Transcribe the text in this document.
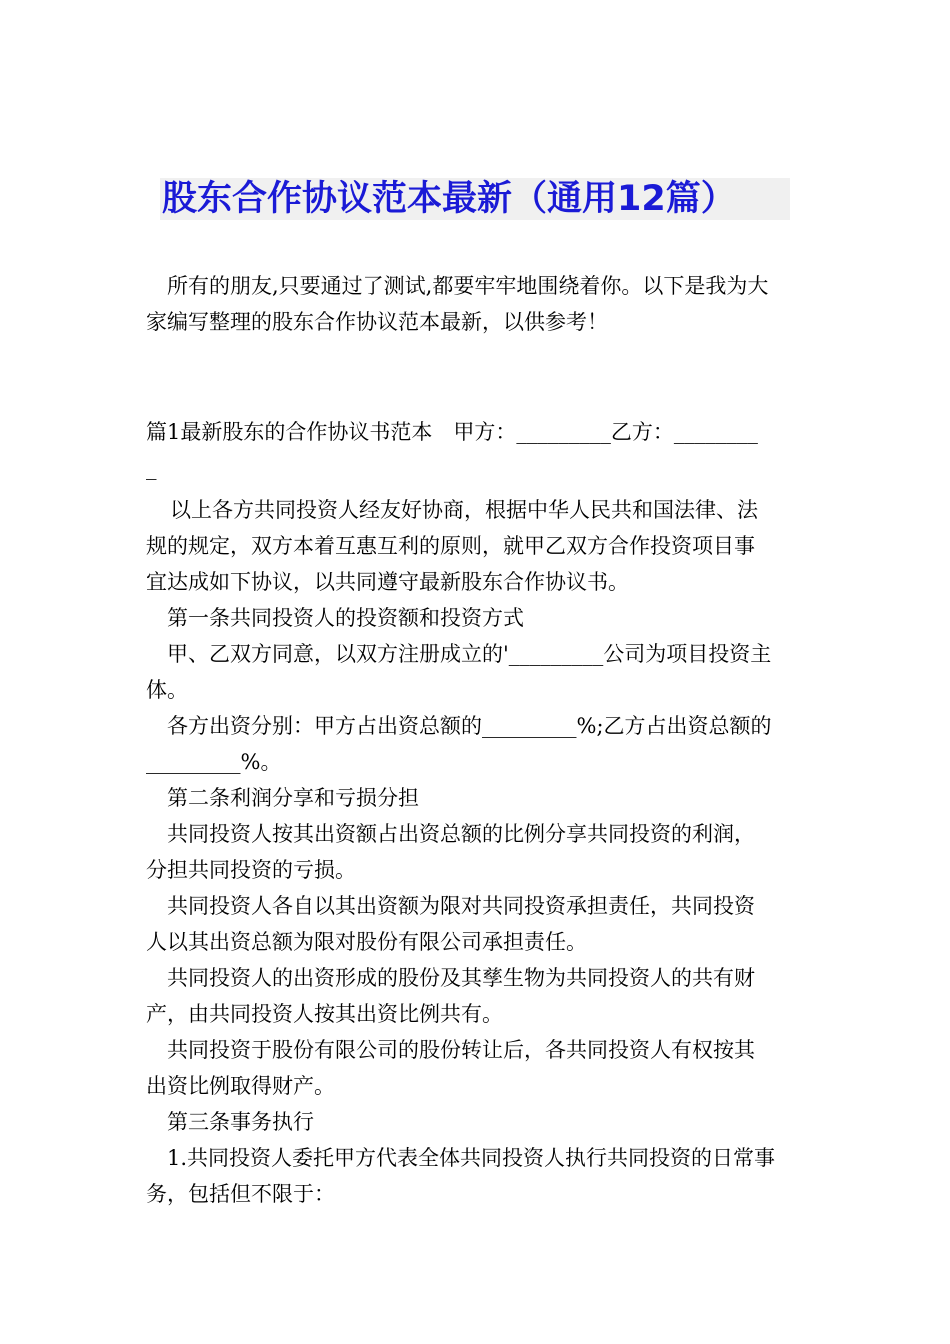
股东合作协议范本最新（通用12篇）

所有的朋友,只要通过了测试,都要牢牢地围绕着你。以下是我为大

家编写整理的股东合作协议范本最新，以供参考！

篇1最新股东的合作协议书范本　甲方：_________乙方：________

_

以上各方共同投资人经友好协商，根据中华人民共和国法律、法

规的规定，双方本着互惠互利的原则，就甲乙双方合作投资项目事

宜达成如下协议，以共同遵守最新股东合作协议书。

第一条共同投资人的投资额和投资方式

甲、乙双方同意，以双方注册成立的'_________公司为项目投资主

体。

各方出资分别：甲方占出资总额的_________%;乙方占出资总额的

_________%。

第二条利润分享和亏损分担

共同投资人按其出资额占出资总额的比例分享共同投资的利润，

分担共同投资的亏损。

共同投资人各自以其出资额为限对共同投资承担责任，共同投资

人以其出资总额为限对股份有限公司承担责任。

共同投资人的出资形成的股份及其孳生物为共同投资人的共有财

产，由共同投资人按其出资比例共有。

共同投资于股份有限公司的股份转让后，各共同投资人有权按其

出资比例取得财产。

第三条事务执行

1.共同投资人委托甲方代表全体共同投资人执行共同投资的日常事

务，包括但不限于：
